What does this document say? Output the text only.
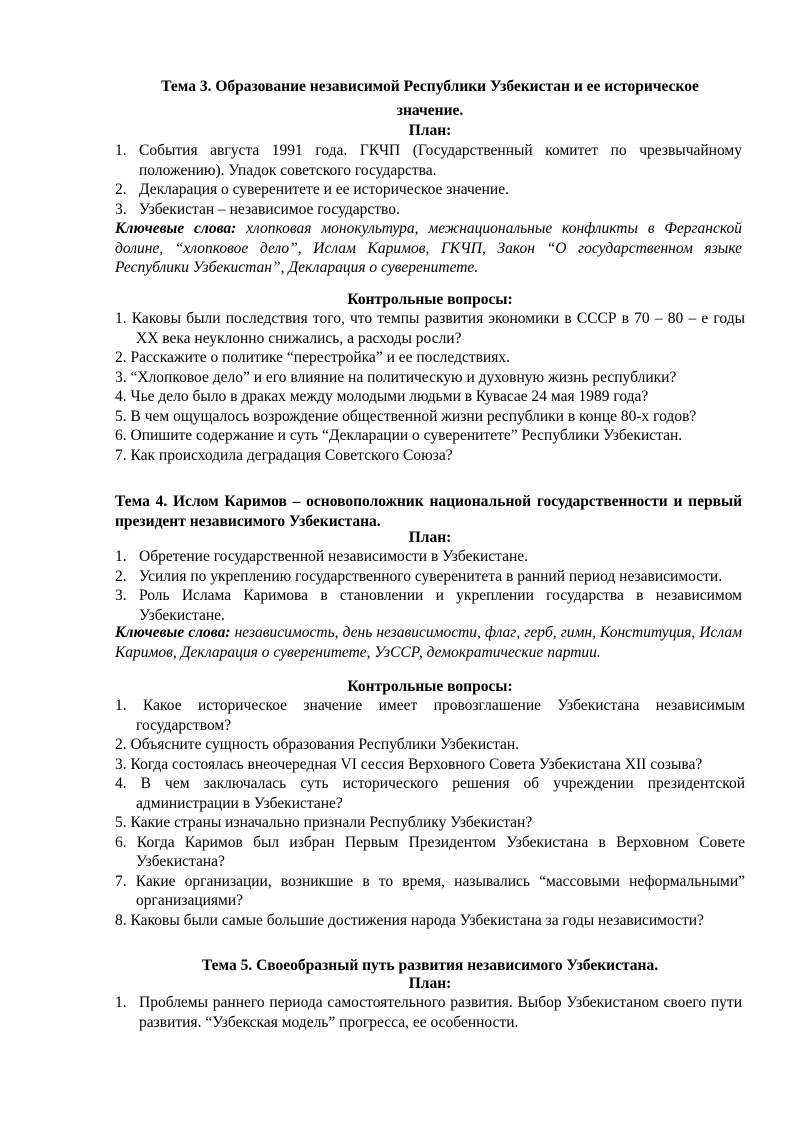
Тема 3. Образование независимой Республики Узбекистан и ее историческое
значение.
План:
1. События августа 1991 года. ГКЧП (Государственный комитет по чрезвычайному положению). Упадок советского государства.
2. Декларация о суверенитете и ее историческое значение.
3. Узбекистан – независимое государство.
Ключевые слова: хлопковая монокультура, межнациональные конфликты в Ферганской долине, “хлопковое дело”, Ислам Каримов, ГКЧП, Закон “О государственном языке Республики Узбекистан”, Декларация о суверенитете.
Контрольные вопросы:
1. Каковы были последствия того, что темпы развития экономики в СССР в 70 – 80 – е годы XX века неуклонно снижались, а расходы росли?
2. Расскажите о политике “перестройка” и ее последствиях.
3. “Хлопковое дело” и его влияние на политическую и духовную жизнь республики?
4. Чье дело было в драках между молодыми людьми в Кувасае 24 мая 1989 года?
5. В чем ощущалось возрождение общественной жизни республики в конце 80-х годов?
6. Опишите содержание и суть “Декларации о суверенитете” Республики Узбекистан.
7. Как происходила деградация Советского Союза?
Тема 4. Ислом Каримов – основоположник национальной государственности и первый президент независимого Узбекистана.
План:
1. Обретение государственной независимости в Узбекистане.
2. Усилия по укреплению государственного суверенитета в ранний период независимости.
3. Роль Ислама Каримова в становлении и укреплении государства в независимом Узбекистане.
Ключевые слова: независимость, день независимости, флаг, герб, гимн, Конституция, Ислам Каримов, Декларация о суверенитете, УзССР, демократические партии.
Контрольные вопросы:
1. Какое историческое значение имеет провозглашение Узбекистана независимым государством?
2. Объясните сущность образования Республики Узбекистан.
3. Когда состоялась внеочередная VI сессия Верховного Совета Узбекистана XII созыва?
4. В чем заключалась суть исторического решения об учреждении президентской администрации в Узбекистане?
5. Какие страны изначально признали Республику Узбекистан?
6. Когда Каримов был избран Первым Президентом Узбекистана в Верховном Совете Узбекистана?
7. Какие организации, возникшие в то время, назывались “массовыми неформальными” организациями?
8. Каковы были самые большие достижения народа Узбекистана за годы независимости?
Тема 5. Своеобразный путь развития независимого Узбекистана.
План:
1. Проблемы раннего периода самостоятельного развития. Выбор Узбекистаном своего пути развития. “Узбекская модель” прогресса, ее особенности.
